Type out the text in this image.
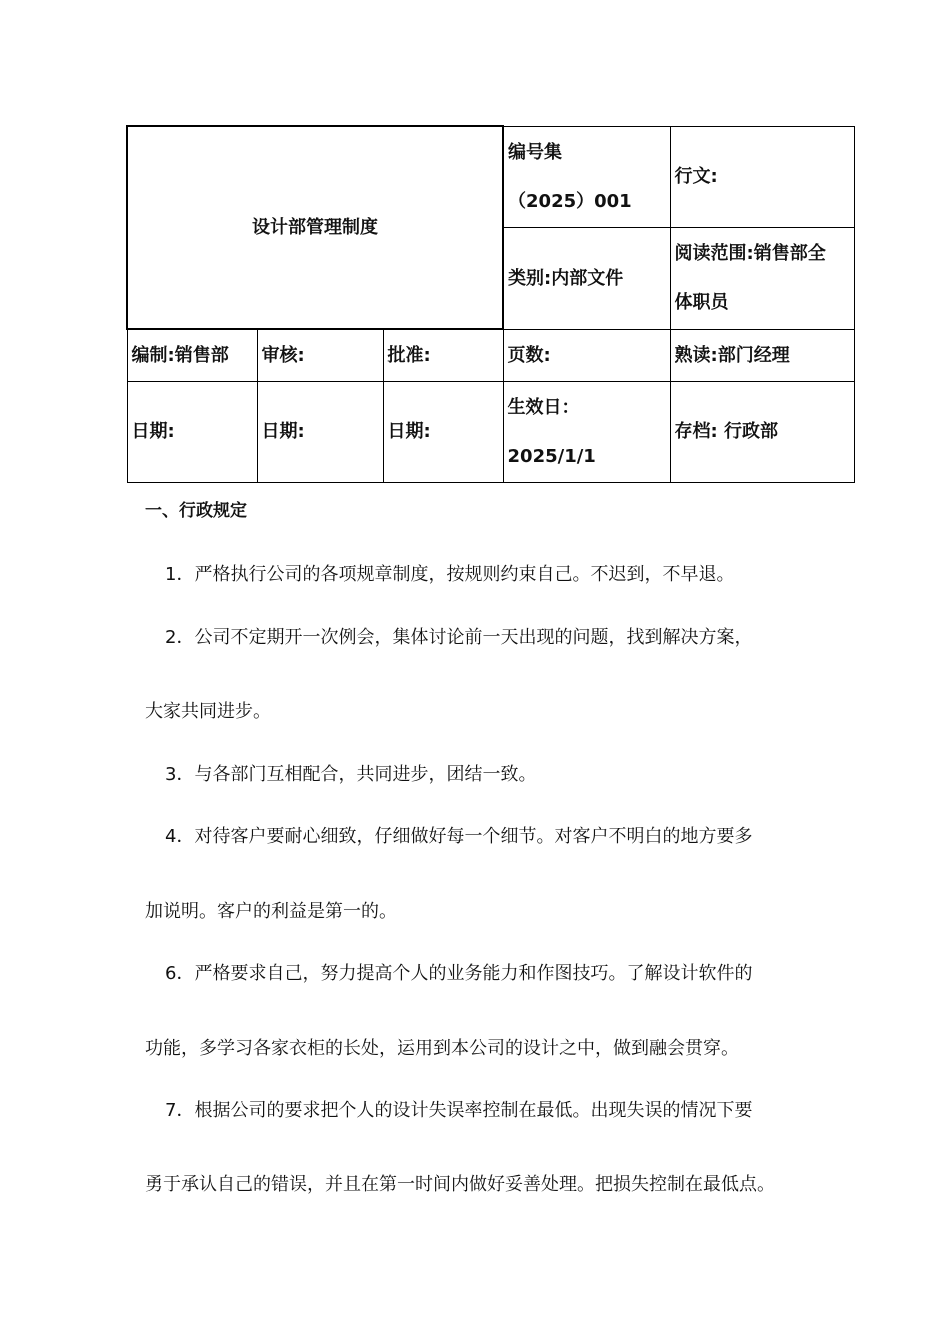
设计部管理制度			编号集
（2025）001	行文:
			类别:内部文件	阅读范围:销售部全
体职员

编制:销售部	审核:	批准:	页数:	熟读:部门经理
日期:	日期:	日期:	生效日：
2025/1/1	存档: 行政部
一、行政规定
1．严格执行公司的各项规章制度，按规则约束自己。不迟到，不早退。
2．公司不定期开一次例会，集体讨论前一天出现的问题，找到解决方案，
大家共同进步。
3．与各部门互相配合，共同进步，团结一致。
4．对待客户要耐心细致，仔细做好每一个细节。对客户不明白的地方要多
加说明。客户的利益是第一的。
6．严格要求自己，努力提高个人的业务能力和作图技巧。了解设计软件的
功能，多学习各家衣柜的长处，运用到本公司的设计之中，做到融会贯穿。
7．根据公司的要求把个人的设计失误率控制在最低。出现失误的情况下要
勇于承认自己的错误，并且在第一时间内做好妥善处理。把损失控制在最低点。
